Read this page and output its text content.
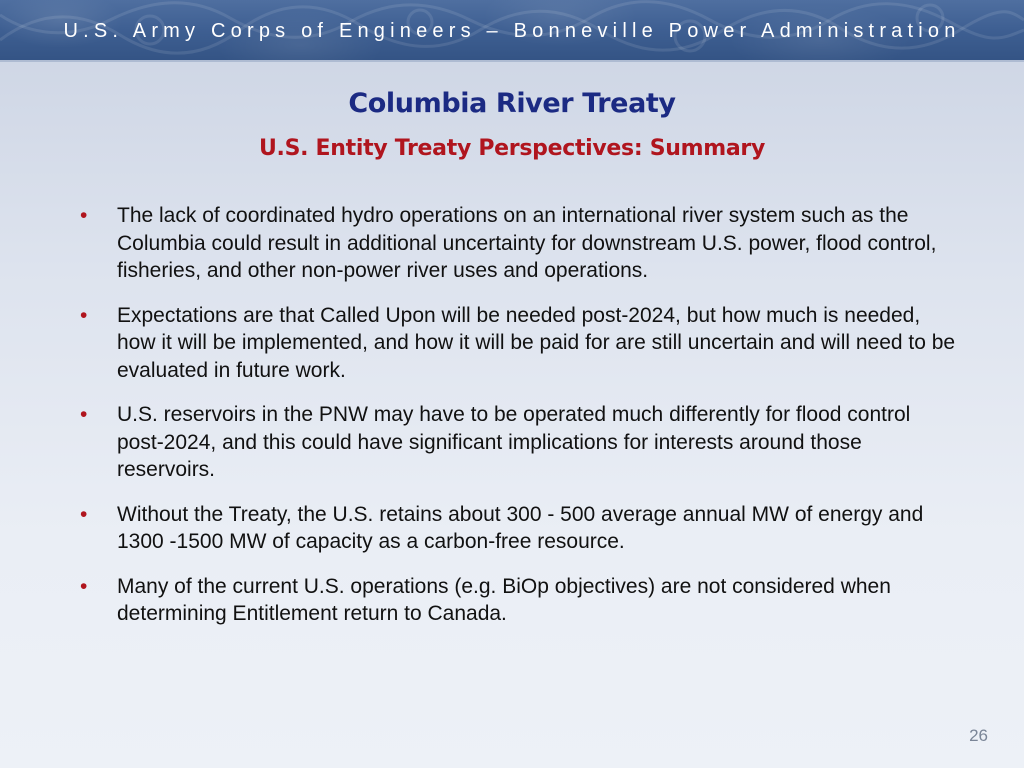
U.S. Army Corps of Engineers – Bonneville Power Administration
Columbia River Treaty
U.S. Entity Treaty Perspectives: Summary
• The lack of coordinated hydro operations on an international river system such as the Columbia could result in additional uncertainty for downstream U.S. power, flood control, fisheries, and other non-power river uses and operations.
• Expectations are that Called Upon will be needed post-2024, but how much is needed, how it will be implemented, and how it will be paid for are still uncertain and will need to be evaluated in future work.
• U.S. reservoirs in the PNW may have to be operated much differently for flood control post-2024, and this could have significant implications for interests around those reservoirs.
• Without the Treaty, the U.S. retains about 300 - 500 average annual MW of energy and 1300 -1500 MW of capacity as a carbon-free resource.
• Many of the current U.S. operations (e.g. BiOp objectives) are not considered when determining Entitlement return to Canada.
26
